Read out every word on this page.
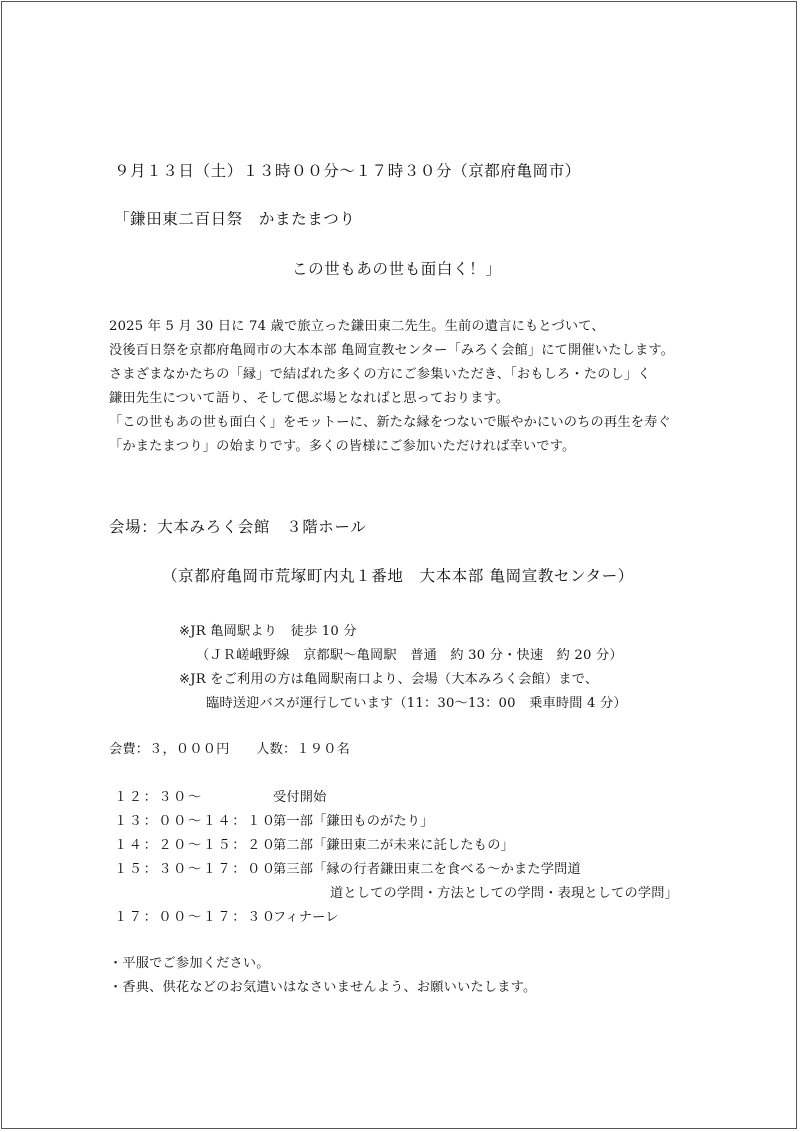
９月１３日（土）１３時００分～１７時３０分（京都府亀岡市）
「鎌田東二百日祭　かまたまつり
この世もあの世も面白く！」
2025 年 5 月 30 日に 74 歳で旅立った鎌田東二先生。生前の遺言にもとづいて、
没後百日祭を京都府亀岡市の大本本部 亀岡宣教センター「みろく会館」にて開催いたします。
さまざまなかたちの「縁」で結ばれた多くの方にご参集いただき、「おもしろ・たのし」く
鎌田先生について語り、そして偲ぶ場となればと思っております。
「この世もあの世も面白く」をモットーに、新たな縁をつないで賑やかにいのちの再生を寿ぐ
「かまたまつり」の始まりです。多くの皆様にご参加いただければ幸いです。
会場：大本みろく会館　３階ホール
（京都府亀岡市荒塚町内丸１番地　大本本部 亀岡宣教センター）
※JR 亀岡駅より　徒歩 10 分
（ＪＲ嵯峨野線　京都駅～亀岡駅　普通　約 30 分・快速　約 20 分）
※JR をご利用の方は亀岡駅南口より、会場（大本みろく会館）まで、
臨時送迎バスが運行しています（11：30～13：00　乗車時間 4 分）
会費：３，０００円　　人数：１９０名
１２：３０～	受付開始
１３：００～１４：１０
第一部「鎌田ものがたり」
１４：２０～１５：２０
第二部「鎌田東二が未来に託したもの」
１５：３０～１７：００
第三部「縁の行者鎌田東二を食べる～かまた学問道
道としての学問・方法としての学問・表現としての学問」
１７：００～１７：３０
フィナーレ
・平服でご参加ください。
・香典、供花などのお気遣いはなさいませんよう、お願いいたします。
